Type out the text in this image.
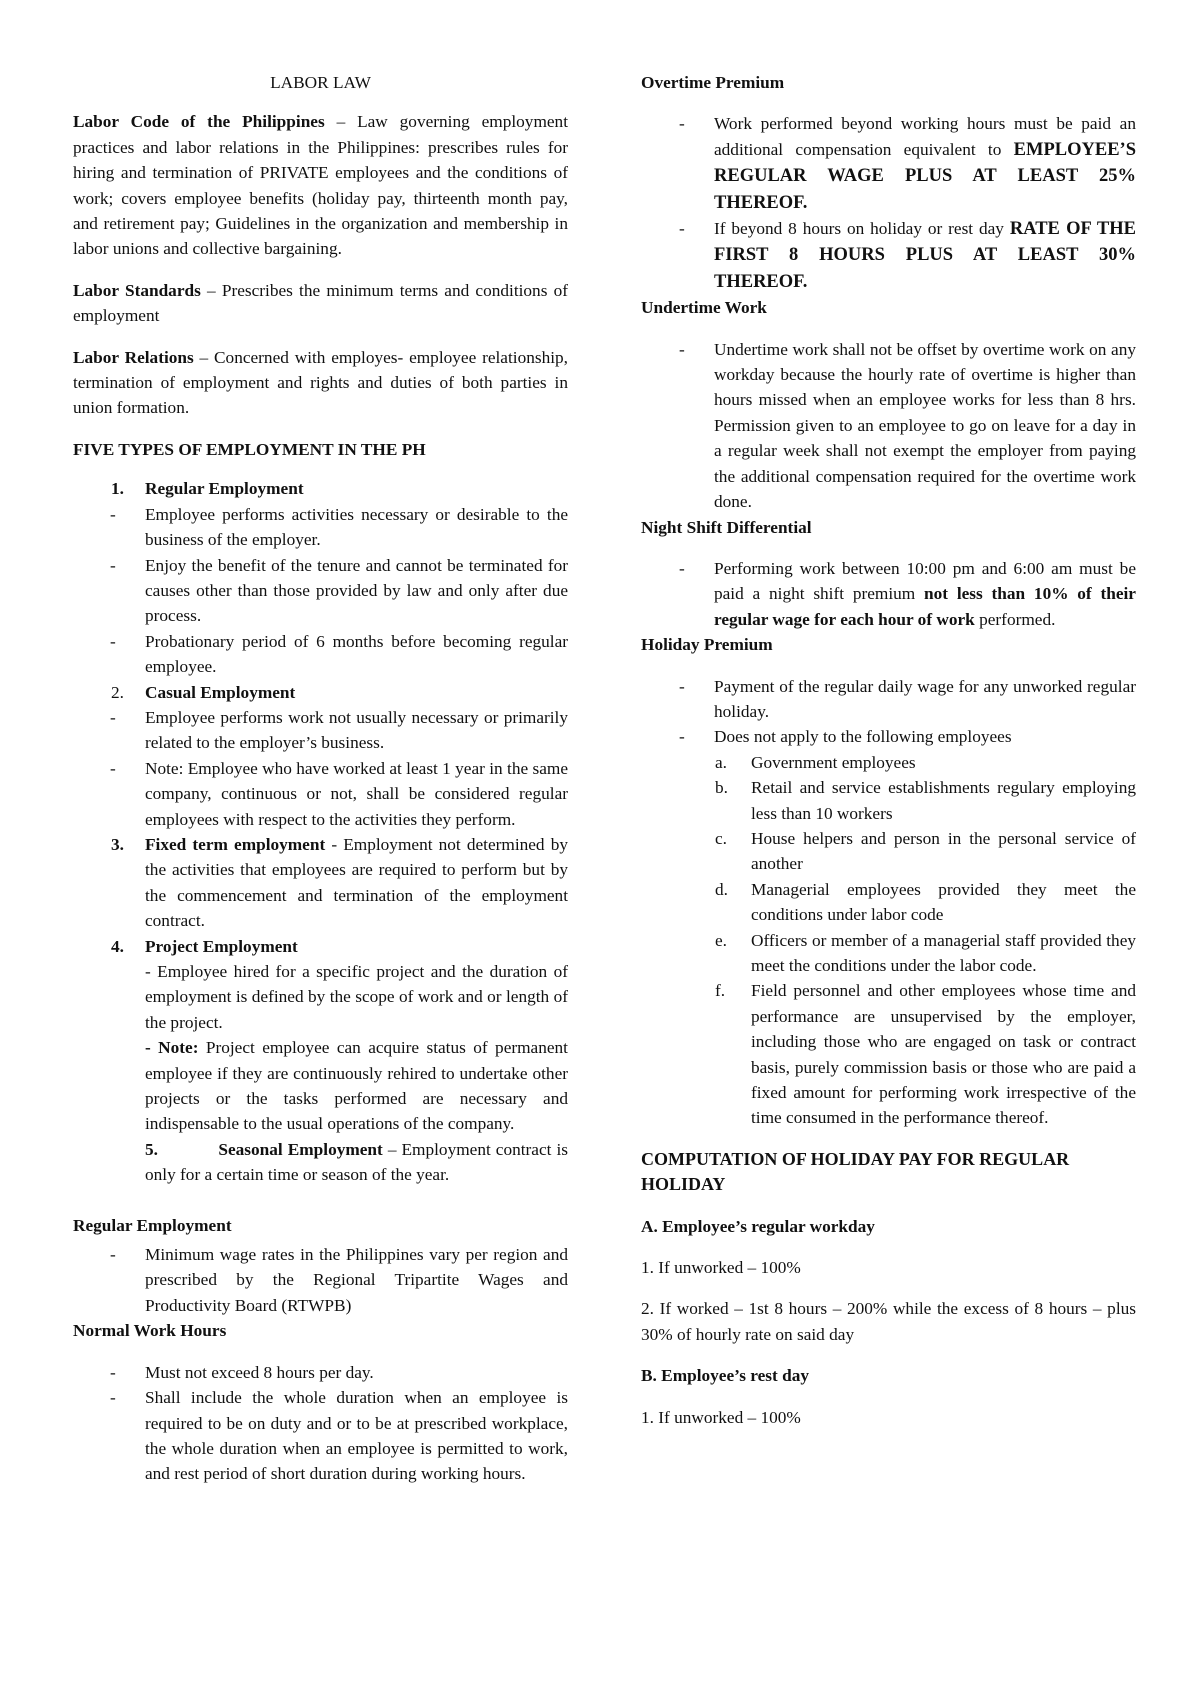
LABOR LAW

Labor Code of the Philippines – Law governing employment practices and labor relations in the Philippines: prescribes rules for hiring and termination of PRIVATE employees and the conditions of work; covers employee benefits (holiday pay, thirteenth month pay, and retirement pay; Guidelines in the organization and membership in labor unions and collective bargaining.

Labor Standards – Prescribes the minimum terms and conditions of employment

Labor Relations – Concerned with employes- employee relationship, termination of employment and rights and duties of both parties in union formation.

FIVE TYPES OF EMPLOYMENT IN THE PH

1. Regular Employment
- Employee performs activities necessary or desirable to the business of the employer.
- Enjoy the benefit of the tenure and cannot be terminated for causes other than those provided by law and only after due process.
- Probationary period of 6 months before becoming regular employee.
2. Casual Employment
- Employee performs work not usually necessary or primarily related to the employer’s business.
- Note: Employee who have worked at least 1 year in the same company, continuous or not, shall be considered regular employees with respect to the activities they perform.
3. Fixed term employment - Employment not determined by the activities that employees are required to perform but by the commencement and termination of the employment contract.
4. Project Employment

- Employee hired for a specific project and the duration of employment is defined by the scope of work and or length of the project.

- Note: Project employee can acquire status of permanent employee if they are continuously rehired to undertake other projects or the tasks performed are necessary and indispensable to the usual operations of the company.

5.	Seasonal Employment – Employment contract is only for a certain time or season of the year.

Regular Employment

- Minimum wage rates in the Philippines vary per region and prescribed by the Regional Tripartite Wages and Productivity Board (RTWPB)

Normal Work Hours

- Must not exceed 8 hours per day.
- Shall include the whole duration when an employee is required to be on duty and or to be at prescribed workplace, the whole duration when an employee is permitted to work, and rest period of short duration during working hours.

Overtime Premium

- Work performed beyond working hours must be paid an additional compensation equivalent to EMPLOYEE’S REGULAR WAGE PLUS AT LEAST 25% THEREOF.
- If beyond 8 hours on holiday or rest day RATE OF THE FIRST 8 HOURS PLUS AT LEAST 30% THEREOF.

Undertime Work

- Undertime work shall not be offset by overtime work on any workday because the hourly rate of overtime is higher than hours missed when an employee works for less than 8 hrs. Permission given to an employee to go on leave for a day in a regular week shall not exempt the employer from paying the additional compensation required for the overtime work done.

Night Shift Differential

- Performing work between 10:00 pm and 6:00 am must be paid a night shift premium not less than 10% of their regular wage for each hour of work performed.

Holiday Premium

- Payment of the regular daily wage for any unworked regular holiday.
- Does not apply to the following employees
a. Government employees
b. Retail and service establishments regulary employing less than 10 workers
c. House helpers and person in the personal service of another
d. Managerial employees provided they meet the conditions under labor code
e. Officers or member of a managerial staff provided they meet the conditions under the labor code.
f. Field personnel and other employees whose time and performance are unsupervised by the employer, including those who are engaged on task or contract basis, purely commission basis or those who are paid a fixed amount for performing work irrespective of the time consumed in the performance thereof.

COMPUTATION OF HOLIDAY PAY FOR REGULAR HOLIDAY

A. Employee’s regular workday

1. If unworked – 100%

2. If worked – 1st 8 hours – 200% while the excess of 8 hours – plus 30% of hourly rate on said day

B. Employee’s rest day

1. If unworked – 100%
